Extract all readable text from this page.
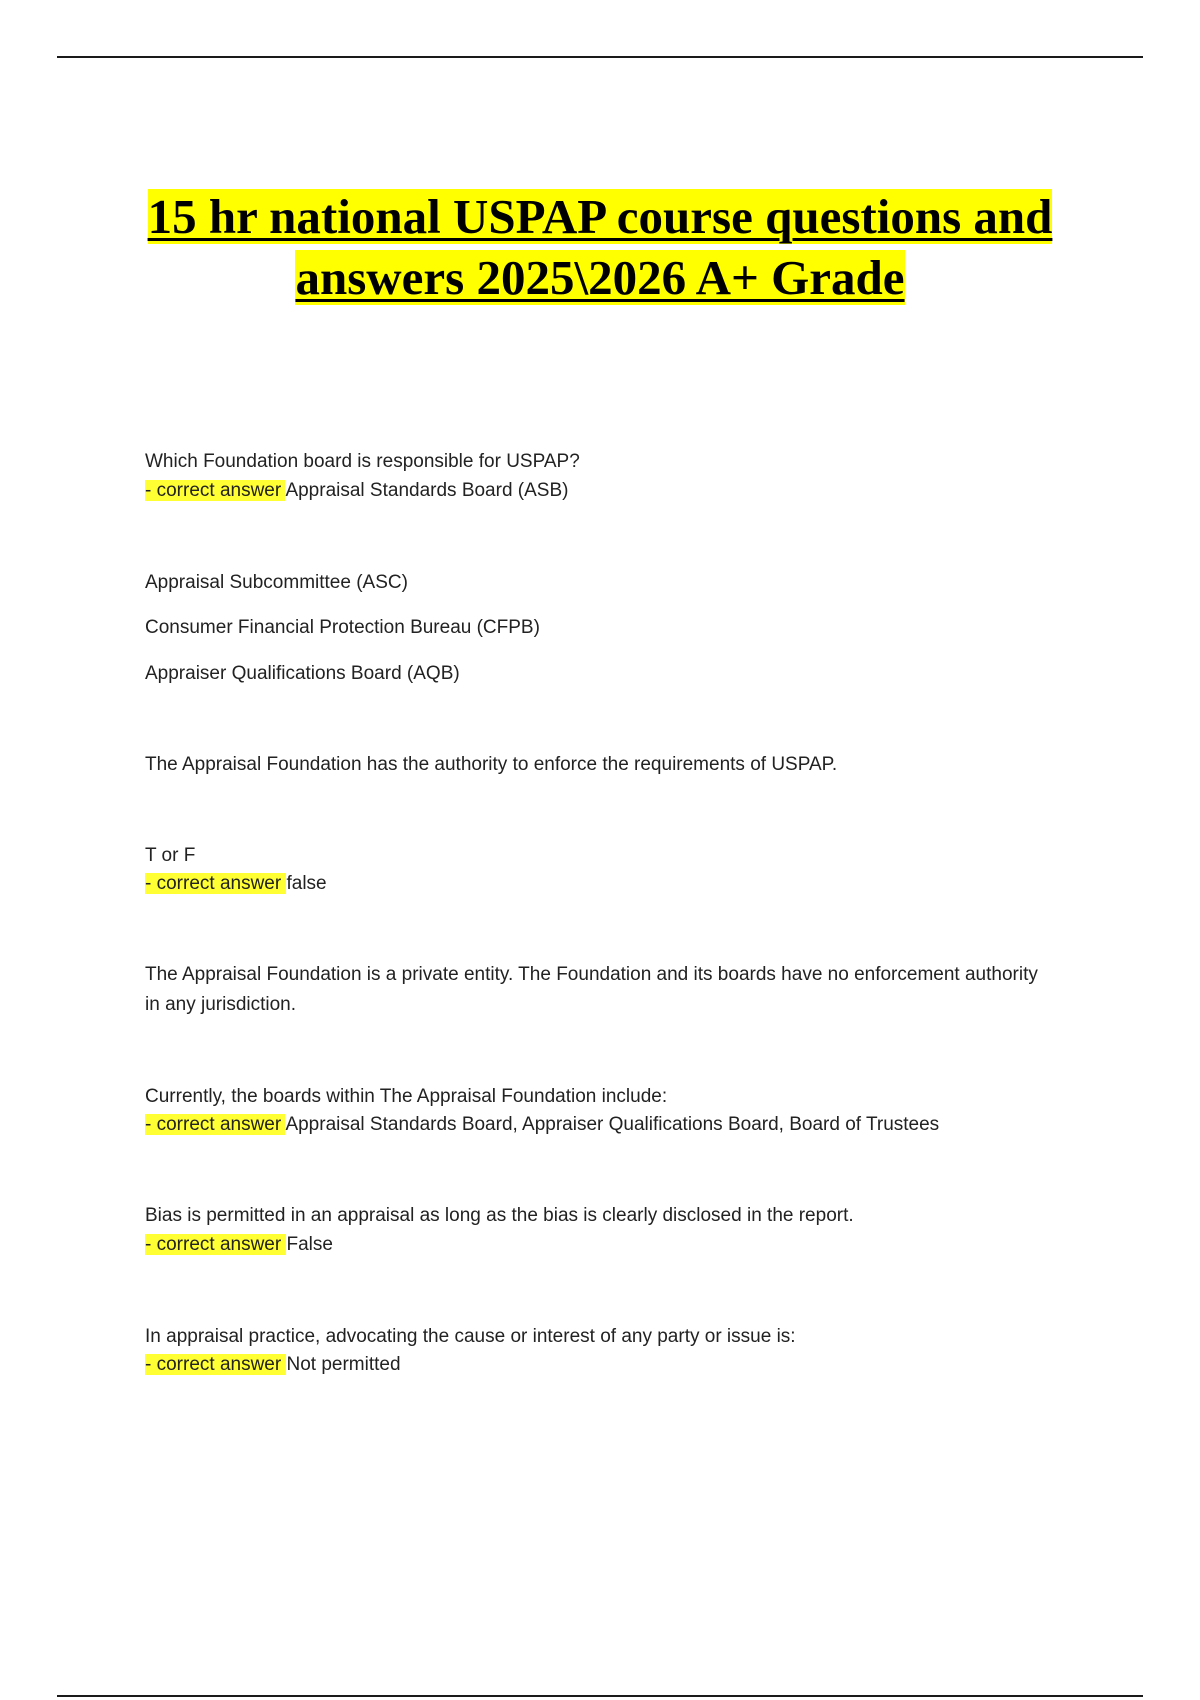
15 hr national USPAP course questions and
answers 2025\2026 A+ Grade
Which Foundation board is responsible for USPAP?
- correct answer Appraisal Standards Board (ASB)
Appraisal Subcommittee (ASC)
Consumer Financial Protection Bureau (CFPB)
Appraiser Qualifications Board (AQB)
The Appraisal Foundation has the authority to enforce the requirements of USPAP.
T or F
- correct answer false
The Appraisal Foundation is a private entity. The Foundation and its boards have no enforcement authority in any jurisdiction.
Currently, the boards within The Appraisal Foundation include:
- correct answer Appraisal Standards Board, Appraiser Qualifications Board, Board of Trustees
Bias is permitted in an appraisal as long as the bias is clearly disclosed in the report.
- correct answer False
In appraisal practice, advocating the cause or interest of any party or issue is:
- correct answer Not permitted
